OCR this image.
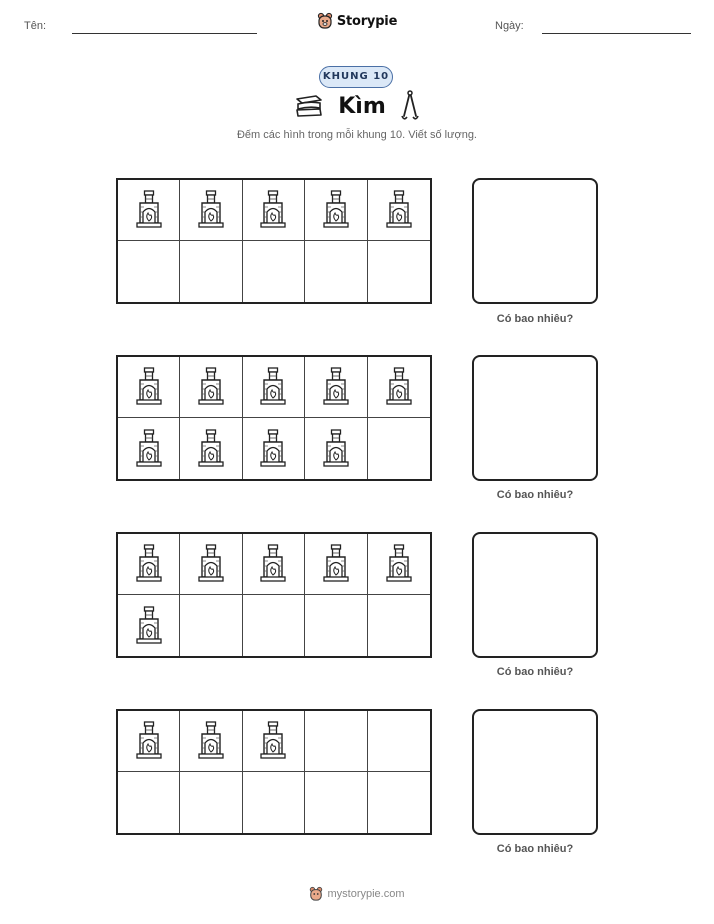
Tên:	Storypie	Ngày:
KHUNG 10
Kìm
Đếm các hình trong mỗi khung 10. Viết số lượng.
Có bao nhiêu?
Có bao nhiêu?
Có bao nhiêu?
Có bao nhiêu?
mystorypie.com
